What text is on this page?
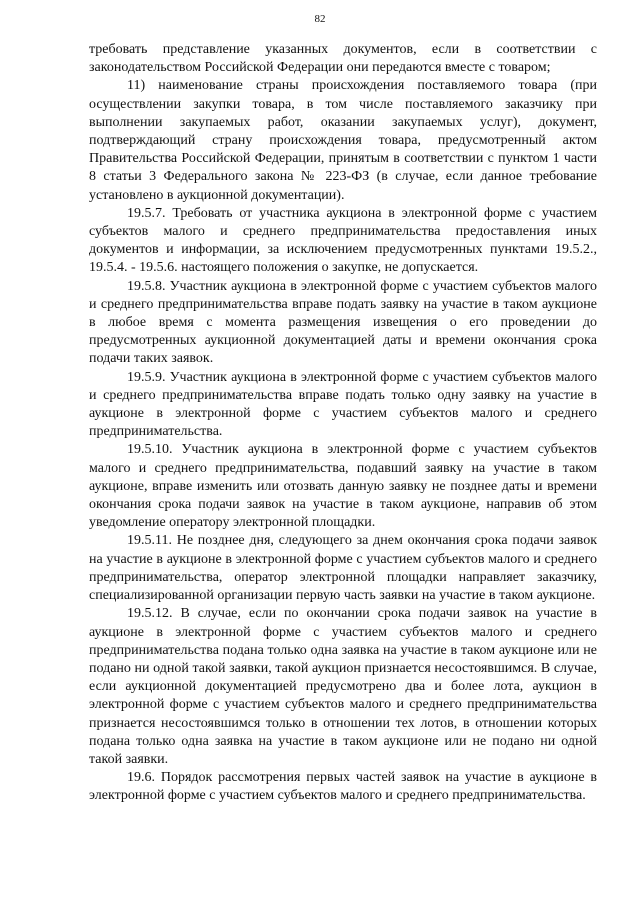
82

требовать представление указанных документов, если в соответствии с законодательством Российской Федерации они передаются вместе с товаром;

11) наименование страны происхождения поставляемого товара (при осуществлении закупки товара, в том числе поставляемого заказчику при выполнении закупаемых работ, оказании закупаемых услуг), документ, подтверждающий страну происхождения товара, предусмотренный актом Правительства Российской Федерации, принятым в соответствии с пунктом 1 части 8 статьи 3 Федерального закона № 223-ФЗ (в случае, если данное требование установлено в аукционной документации).

19.5.7. Требовать от участника аукциона в электронной форме с участием субъектов малого и среднего предпринимательства предоставления иных документов и информации, за исключением предусмотренных пунктами 19.5.2., 19.5.4. - 19.5.6. настоящего положения о закупке, не допускается.

19.5.8. Участник аукциона в электронной форме с участием субъектов малого и среднего предпринимательства вправе подать заявку на участие в таком аукционе в любое время с момента размещения извещения о его проведении до предусмотренных аукционной документацией даты и времени окончания срока подачи таких заявок.

19.5.9. Участник аукциона в электронной форме с участием субъектов малого и среднего предпринимательства вправе подать только одну заявку на участие в аукционе в электронной форме с участием субъектов малого и среднего предпринимательства.

19.5.10. Участник аукциона в электронной форме с участием субъектов малого и среднего предпринимательства, подавший заявку на участие в таком аукционе, вправе изменить или отозвать данную заявку не позднее даты и времени окончания срока подачи заявок на участие в таком аукционе, направив об этом уведомление оператору электронной площадки.

19.5.11. Не позднее дня, следующего за днем окончания срока подачи заявок на участие в аукционе в электронной форме с участием субъектов малого и среднего предпринимательства, оператор электронной площадки направляет заказчику, специализированной организации первую часть заявки на участие в таком аукционе.

19.5.12. В случае, если по окончании срока подачи заявок на участие в аукционе в электронной форме с участием субъектов малого и среднего предпринимательства подана только одна заявка на участие в таком аукционе или не подано ни одной такой заявки, такой аукцион признается несостоявшимся. В случае, если аукционной документацией предусмотрено два и более лота, аукцион в электронной форме с участием субъектов малого и среднего предпринимательства признается несостоявшимся только в отношении тех лотов, в отношении которых подана только одна заявка на участие в таком аукционе или не подано ни одной такой заявки.

19.6. Порядок рассмотрения первых частей заявок на участие в аукционе в электронной форме с участием субъектов малого и среднего предпринимательства.
